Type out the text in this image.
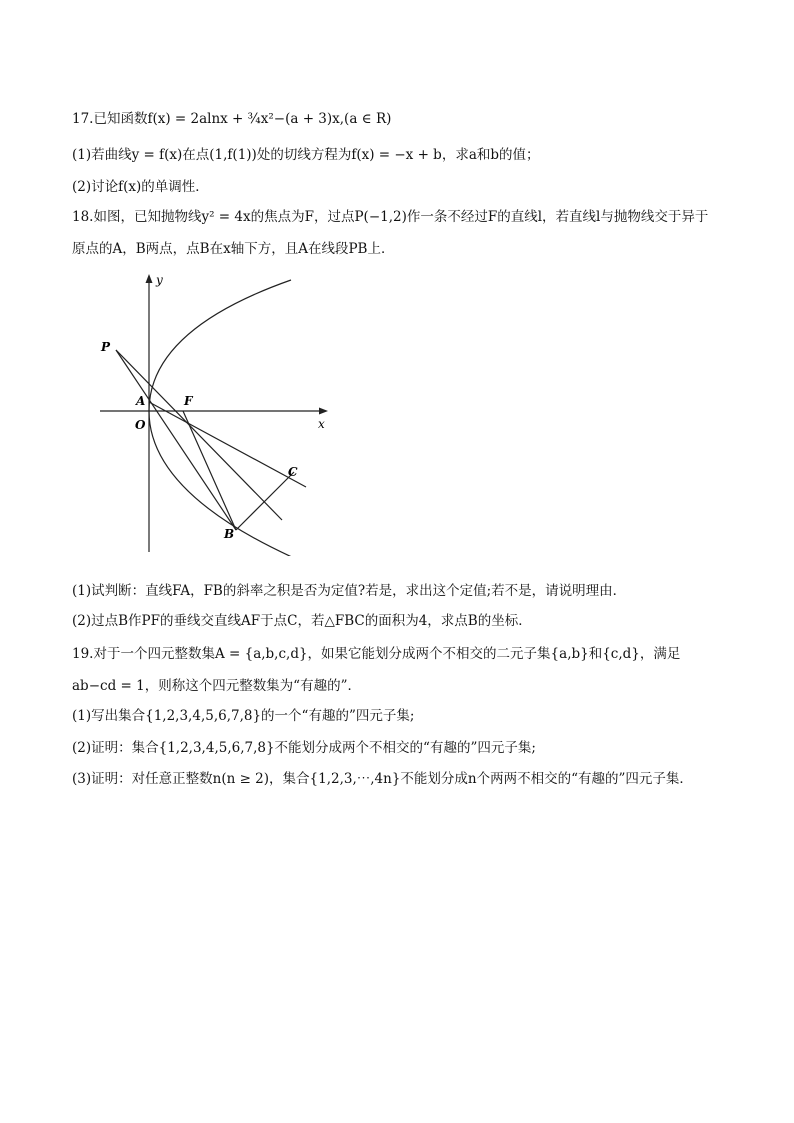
17.已知函数f(x) = 2alnx + ¾x²−(a + 3)x,(a ∈ R)
(1)若曲线y = f(x)在点(1,f(1))处的切线方程为f(x) = −x + b，求a和b的值；
(2)讨论f(x)的单调性．
18.如图，已知抛物线y² = 4x的焦点为F，过点P(−1,2)作一条不经过F的直线l，若直线l与抛物线交于异于
原点的A，B两点，点B在x轴下方，且A在线段PB上．
y
x
O
P
A	F
B
C
(1)试判断：直线FA，FB的斜率之积是否为定值?若是，求出这个定值;若不是，请说明理由．
(2)过点B作PF的垂线交直线AF于点C，若△FBC的面积为4，求点B的坐标．
19.对于一个四元整数集A = {a,b,c,d}，如果它能划分成两个不相交的二元子集{a,b}和{c,d}，满足
ab−cd = 1，则称这个四元整数集为“有趣的”．
(1)写出集合{1,2,3,4,5,6,7,8}的一个“有趣的”四元子集;
(2)证明：集合{1,2,3,4,5,6,7,8}不能划分成两个不相交的“有趣的”四元子集;
(3)证明：对任意正整数n(n ≥ 2)，集合{1,2,3,⋯,4n}不能划分成n个两两不相交的“有趣的”四元子集．
